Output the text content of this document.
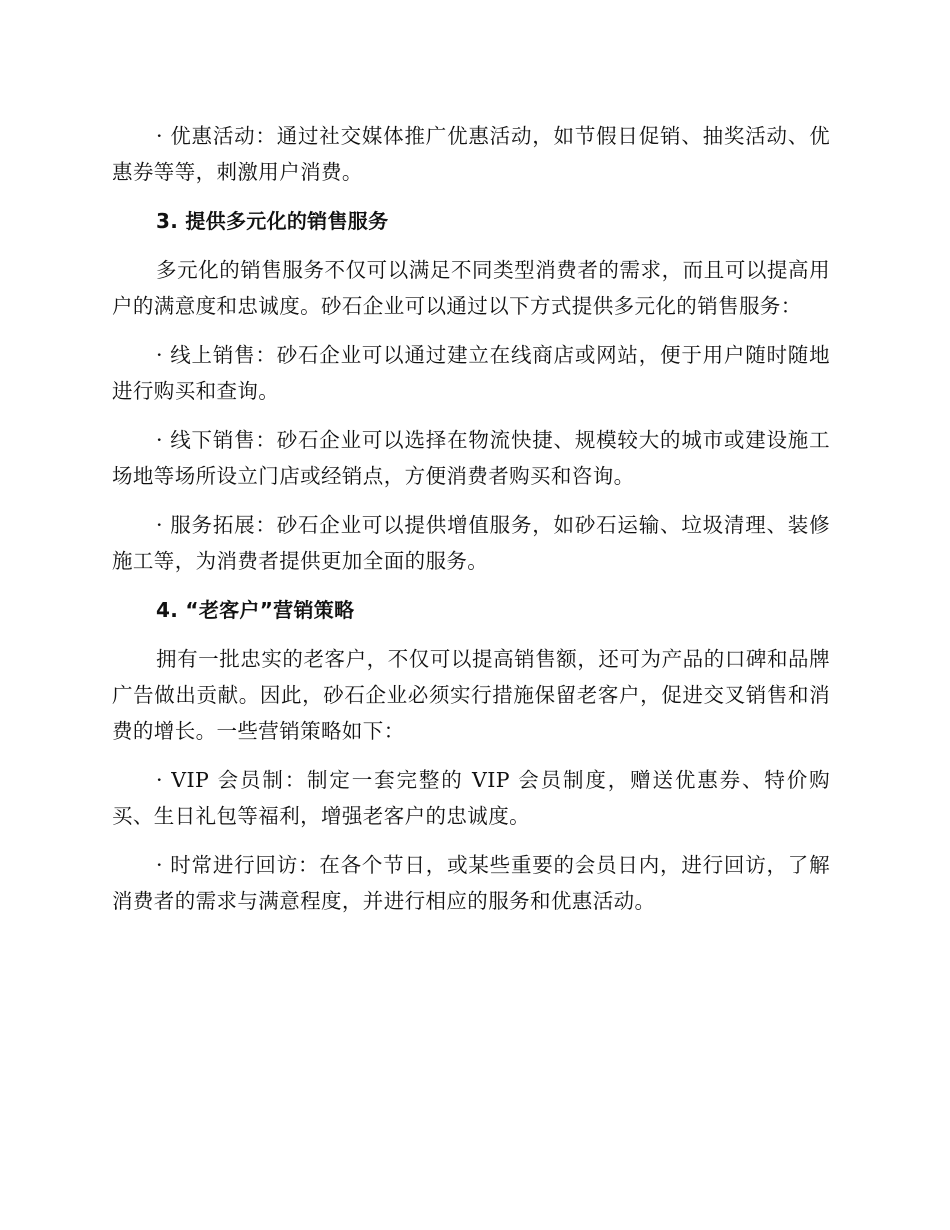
· 优惠活动：通过社交媒体推广优惠活动，如节假日促销、抽奖活动、优惠券等等，刺激用户消费。

3. 提供多元化的销售服务

多元化的销售服务不仅可以满足不同类型消费者的需求，而且可以提高用户的满意度和忠诚度。砂石企业可以通过以下方式提供多元化的销售服务：

· 线上销售：砂石企业可以通过建立在线商店或网站，便于用户随时随地进行购买和查询。

· 线下销售：砂石企业可以选择在物流快捷、规模较大的城市或建设施工场地等场所设立门店或经销点，方便消费者购买和咨询。

· 服务拓展：砂石企业可以提供增值服务，如砂石运输、垃圾清理、装修施工等，为消费者提供更加全面的服务。

4. “老客户”营销策略

拥有一批忠实的老客户，不仅可以提高销售额，还可为产品的口碑和品牌广告做出贡献。因此，砂石企业必须实行措施保留老客户，促进交叉销售和消费的增长。一些营销策略如下：

· VIP 会员制：制定一套完整的 VIP 会员制度，赠送优惠券、特价购买、生日礼包等福利，增强老客户的忠诚度。

· 时常进行回访：在各个节日，或某些重要的会员日内，进行回访，了解消费者的需求与满意程度，并进行相应的服务和优惠活动。
